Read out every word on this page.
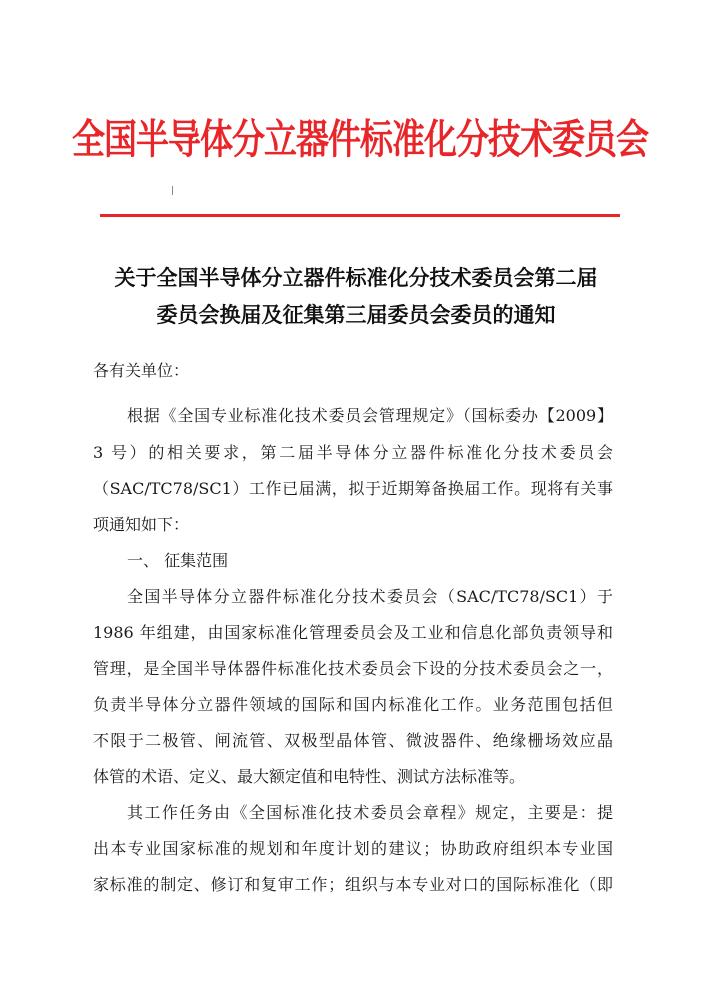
全国半导体分立器件标准化分技术委员会
关于全国半导体分立器件标准化分技术委员会第二届
委员会换届及征集第三届委员会委员的通知
各有关单位：
根据《全国专业标准化技术委员会管理规定》（国标委办【2009】
3 号）的相关要求，第二届半导体分立器件标准化分技术委员会
（SAC/TC78/SC1）工作已届满，拟于近期筹备换届工作。现将有关事
项通知如下：
一、 征集范围
全国半导体分立器件标准化分技术委员会（SAC/TC78/SC1）于
1986 年组建，由国家标准化管理委员会及工业和信息化部负责领导和
管理，是全国半导体器件标准化技术委员会下设的分技术委员会之一，
负责半导体分立器件领域的国际和国内标准化工作。业务范围包括但
不限于二极管、闸流管、双极型晶体管、微波器件、绝缘栅场效应晶
体管的术语、定义、最大额定值和电特性、测试方法标准等。
其工作任务由《全国标准化技术委员会章程》规定，主要是：提
出本专业国家标准的规划和年度计划的建议；协助政府组织本专业国
家标准的制定、修订和复审工作；组织与本专业对口的国际标准化（即
